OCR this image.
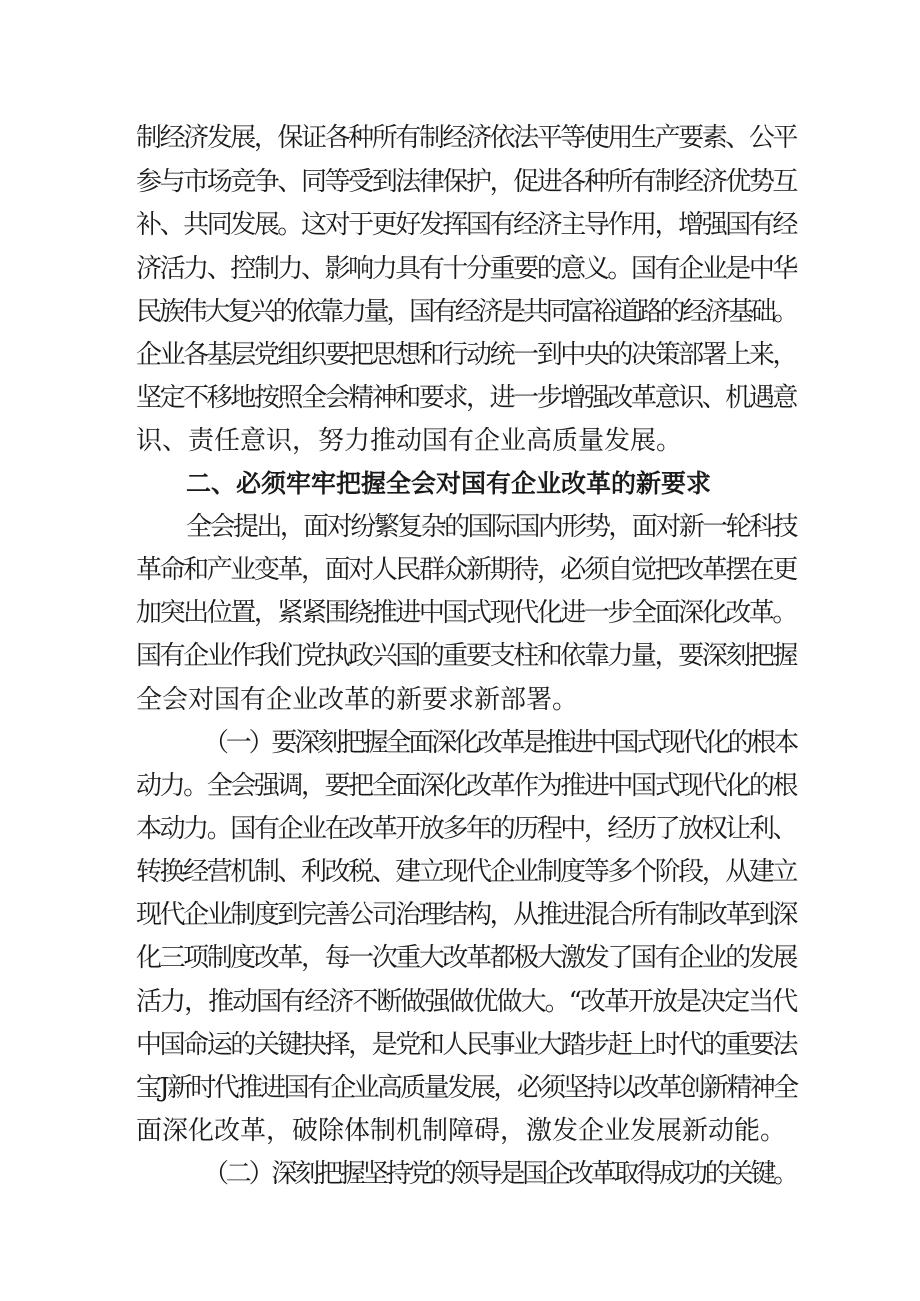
制经济发展，保证各种所有制经济依法平等使用生产要素、公平
参与市场竞争、同等受到法律保护，促进各种所有制经济优势互
补、共同发展。这对于更好发挥国有经济主导作用，增强国有经
济活力、控制力、影响力具有十分重要的意义。国有企业是中华
民族伟大复兴的依靠力量，国有经济是共同富裕道路的经济基础。
企业各基层党组织要把思想和行动统一到中央的决策部署上来，
坚定不移地按照全会精神和要求，进一步增强改革意识、机遇意
识、责任意识，努力推动国有企业高质量发展。
二、必须牢牢把握全会对国有企业改革的新要求
全会提出，面对纷繁复杂的国际国内形势，面对新一轮科技
革命和产业变革，面对人民群众新期待，必须自觉把改革摆在更
加突出位置，紧紧围绕推进中国式现代化进一步全面深化改革。
国有企业作我们党执政兴国的重要支柱和依靠力量，要深刻把握
全会对国有企业改革的新要求新部署。
（一）要深刻把握全面深化改革是推进中国式现代化的根本
动力。全会强调，要把全面深化改革作为推进中国式现代化的根
本动力。国有企业在改革开放多年的历程中，经历了放权让利、
转换经营机制、利改税、建立现代企业制度等多个阶段，从建立
现代企业制度到完善公司治理结构，从推进混合所有制改革到深
化三项制度改革，每一次重大改革都极大激发了国有企业的发展
活力，推动国有经济不断做强做优做大。“改革开放是决定当代
中国命运的关键抉择，是党和人民事业大踏步赶上时代的重要法
宝J新时代推进国有企业高质量发展，必须坚持以改革创新精神全
面深化改革，破除体制机制障碍，激发企业发展新动能。
（二）深刻把握坚持党的领导是国企改革取得成功的关键。
